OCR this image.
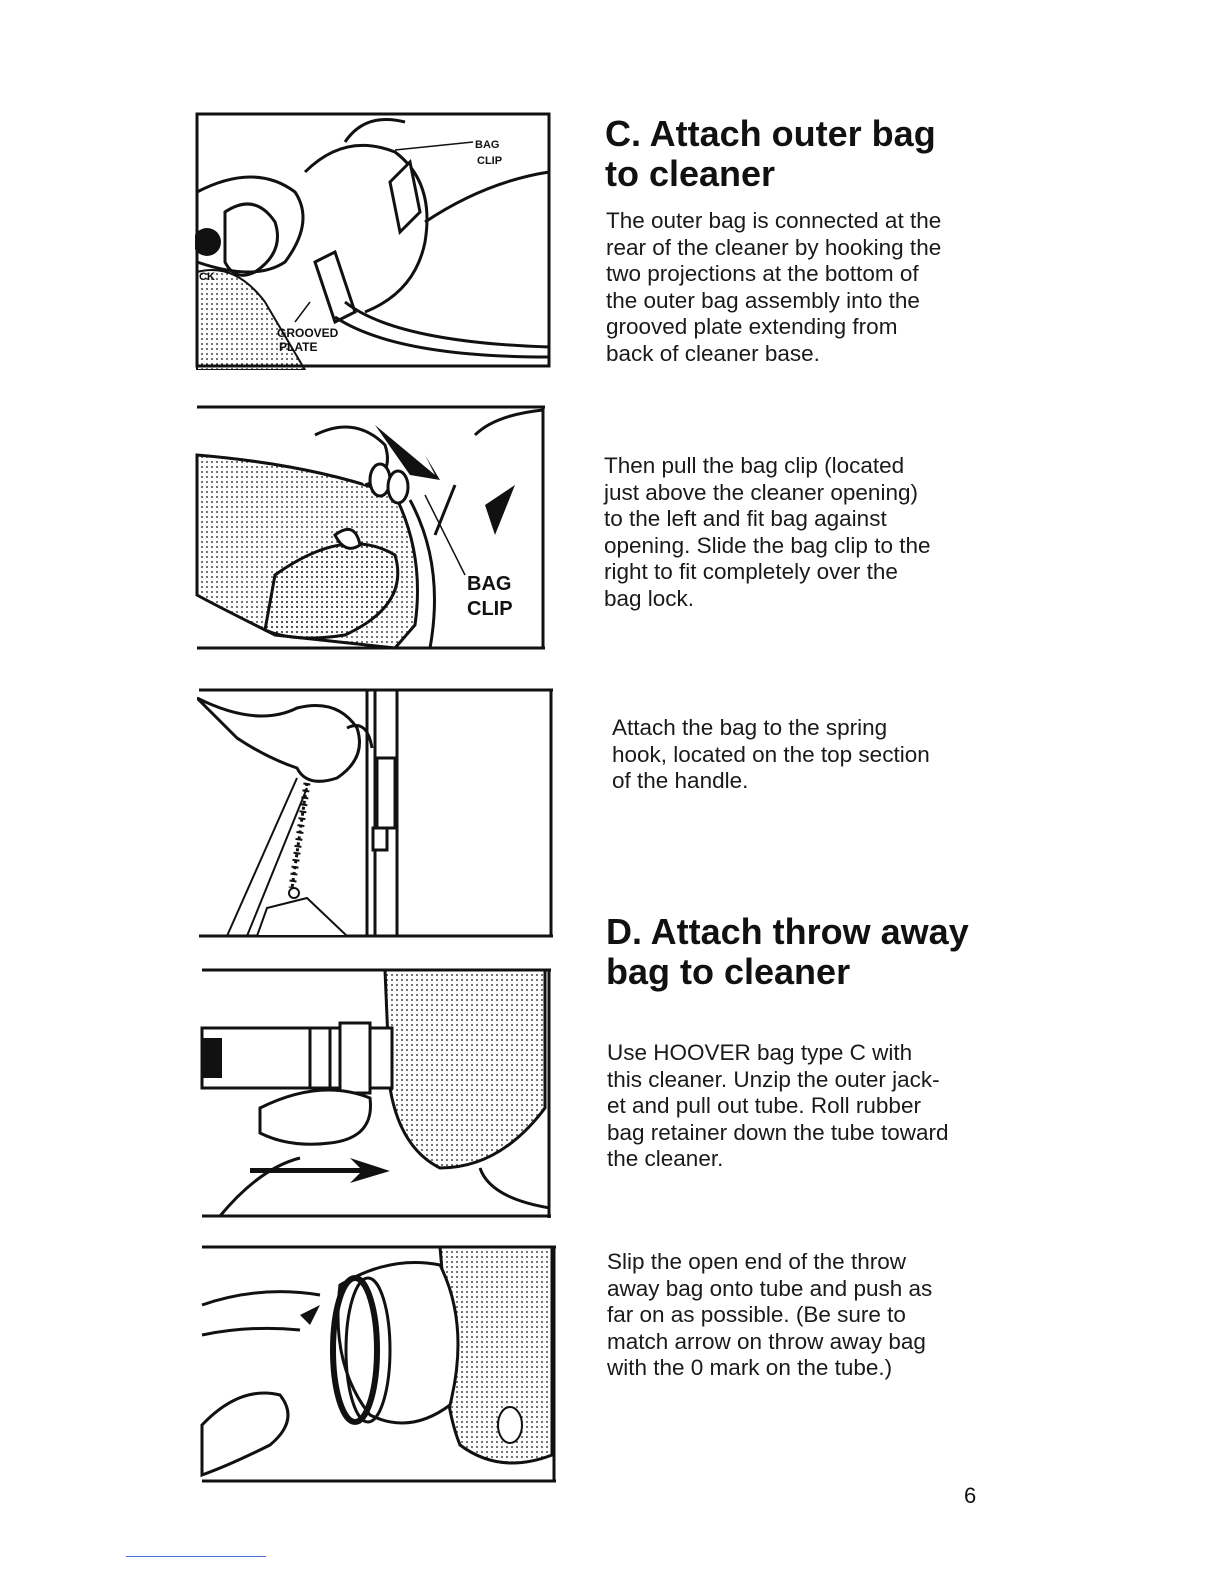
BAG
CLIP
GROOVED
PLATE
CK
BAG
CLIP
C. Attach outer bag
to cleaner

The outer bag is connected at the
rear of the cleaner by hooking the
two projections at the bottom of
the outer bag assembly into the
grooved plate extending from
back of cleaner base.

Then pull the bag clip (located
just above the cleaner opening)
to the left and fit bag against
opening. Slide the bag clip to the
right to fit completely over the
bag lock.

Attach the bag to the spring
hook, located on the top section
of the handle.

D. Attach throw away
bag to cleaner

Use HOOVER bag type C with
this cleaner. Unzip the outer jack-
et and pull out tube. Roll rubber
bag retainer down the tube toward
the cleaner.

Slip the open end of the throw
away bag onto tube and push as
far on as possible. (Be sure to
match arrow on throw away bag
with the 0 mark on the tube.)

6
